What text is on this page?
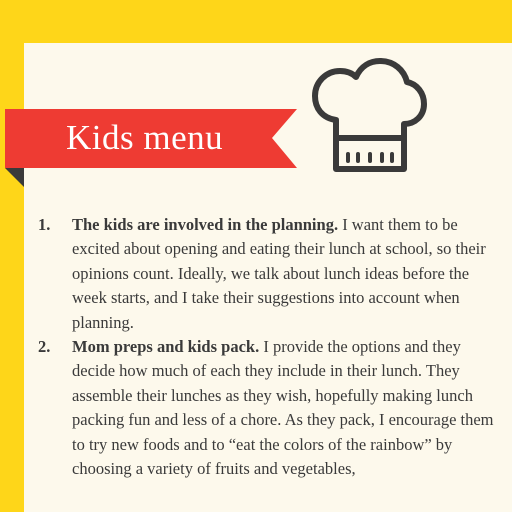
Kids menu
1. The kids are involved in the planning. I want them to be excited about opening and eating their lunch at school, so their opinions count. Ideally, we talk about lunch ideas before the week starts, and I take their suggestions into account when planning.
2. Mom preps and kids pack. I provide the options and they decide how much of each they include in their lunch. They assemble their lunches as they wish, hopefully making lunch packing fun and less of a chore. As they pack, I encourage them to try new foods and to “eat the colors of the rainbow” by choosing a variety of fruits and vegetables,
